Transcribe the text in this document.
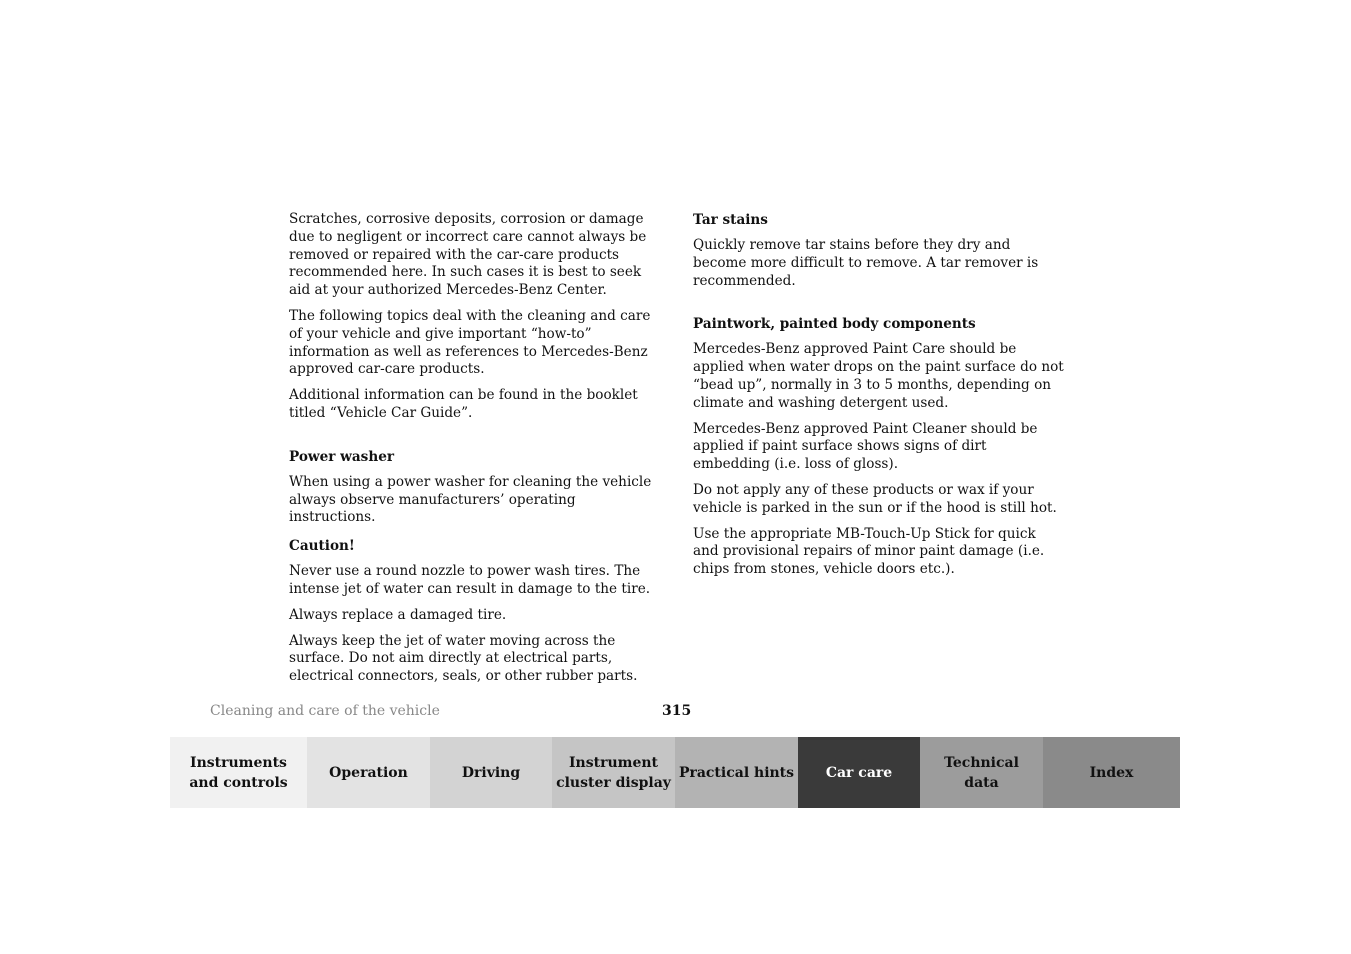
Scratches, corrosive deposits, corrosion or damage due to negligent or incorrect care cannot always be removed or repaired with the car-care products recommended here. In such cases it is best to seek aid at your authorized Mercedes-Benz Center.

The following topics deal with the cleaning and care of your vehicle and give important “how-to” information as well as references to Mercedes-Benz approved car-care products.

Additional information can be found in the booklet titled “Vehicle Car Guide”.

Power washer

When using a power washer for cleaning the vehicle always observe manufacturers’ operating instructions.

Caution!

Never use a round nozzle to power wash tires. The intense jet of water can result in damage to the tire.

Always replace a damaged tire.

Always keep the jet of water moving across the surface. Do not aim directly at electrical parts, electrical connectors, seals, or other rubber parts.

Tar stains

Quickly remove tar stains before they dry and become more difficult to remove. A tar remover is recommended.

Paintwork, painted body components

Mercedes-Benz approved Paint Care should be applied when water drops on the paint surface do not “bead up”, normally in 3 to 5 months, depending on climate and washing detergent used.

Mercedes-Benz approved Paint Cleaner should be applied if paint surface shows signs of dirt embedding (i.e. loss of gloss).

Do not apply any of these products or wax if your vehicle is parked in the sun or if the hood is still hot.

Use the appropriate MB-Touch-Up Stick for quick and provisional repairs of minor paint damage (i.e. chips from stones, vehicle doors etc.).

Cleaning and care of the vehicle	315
Instruments
and controls
Operation	Driving
Instrument
cluster display
Practical hints	Car care
Technical
data
Index
